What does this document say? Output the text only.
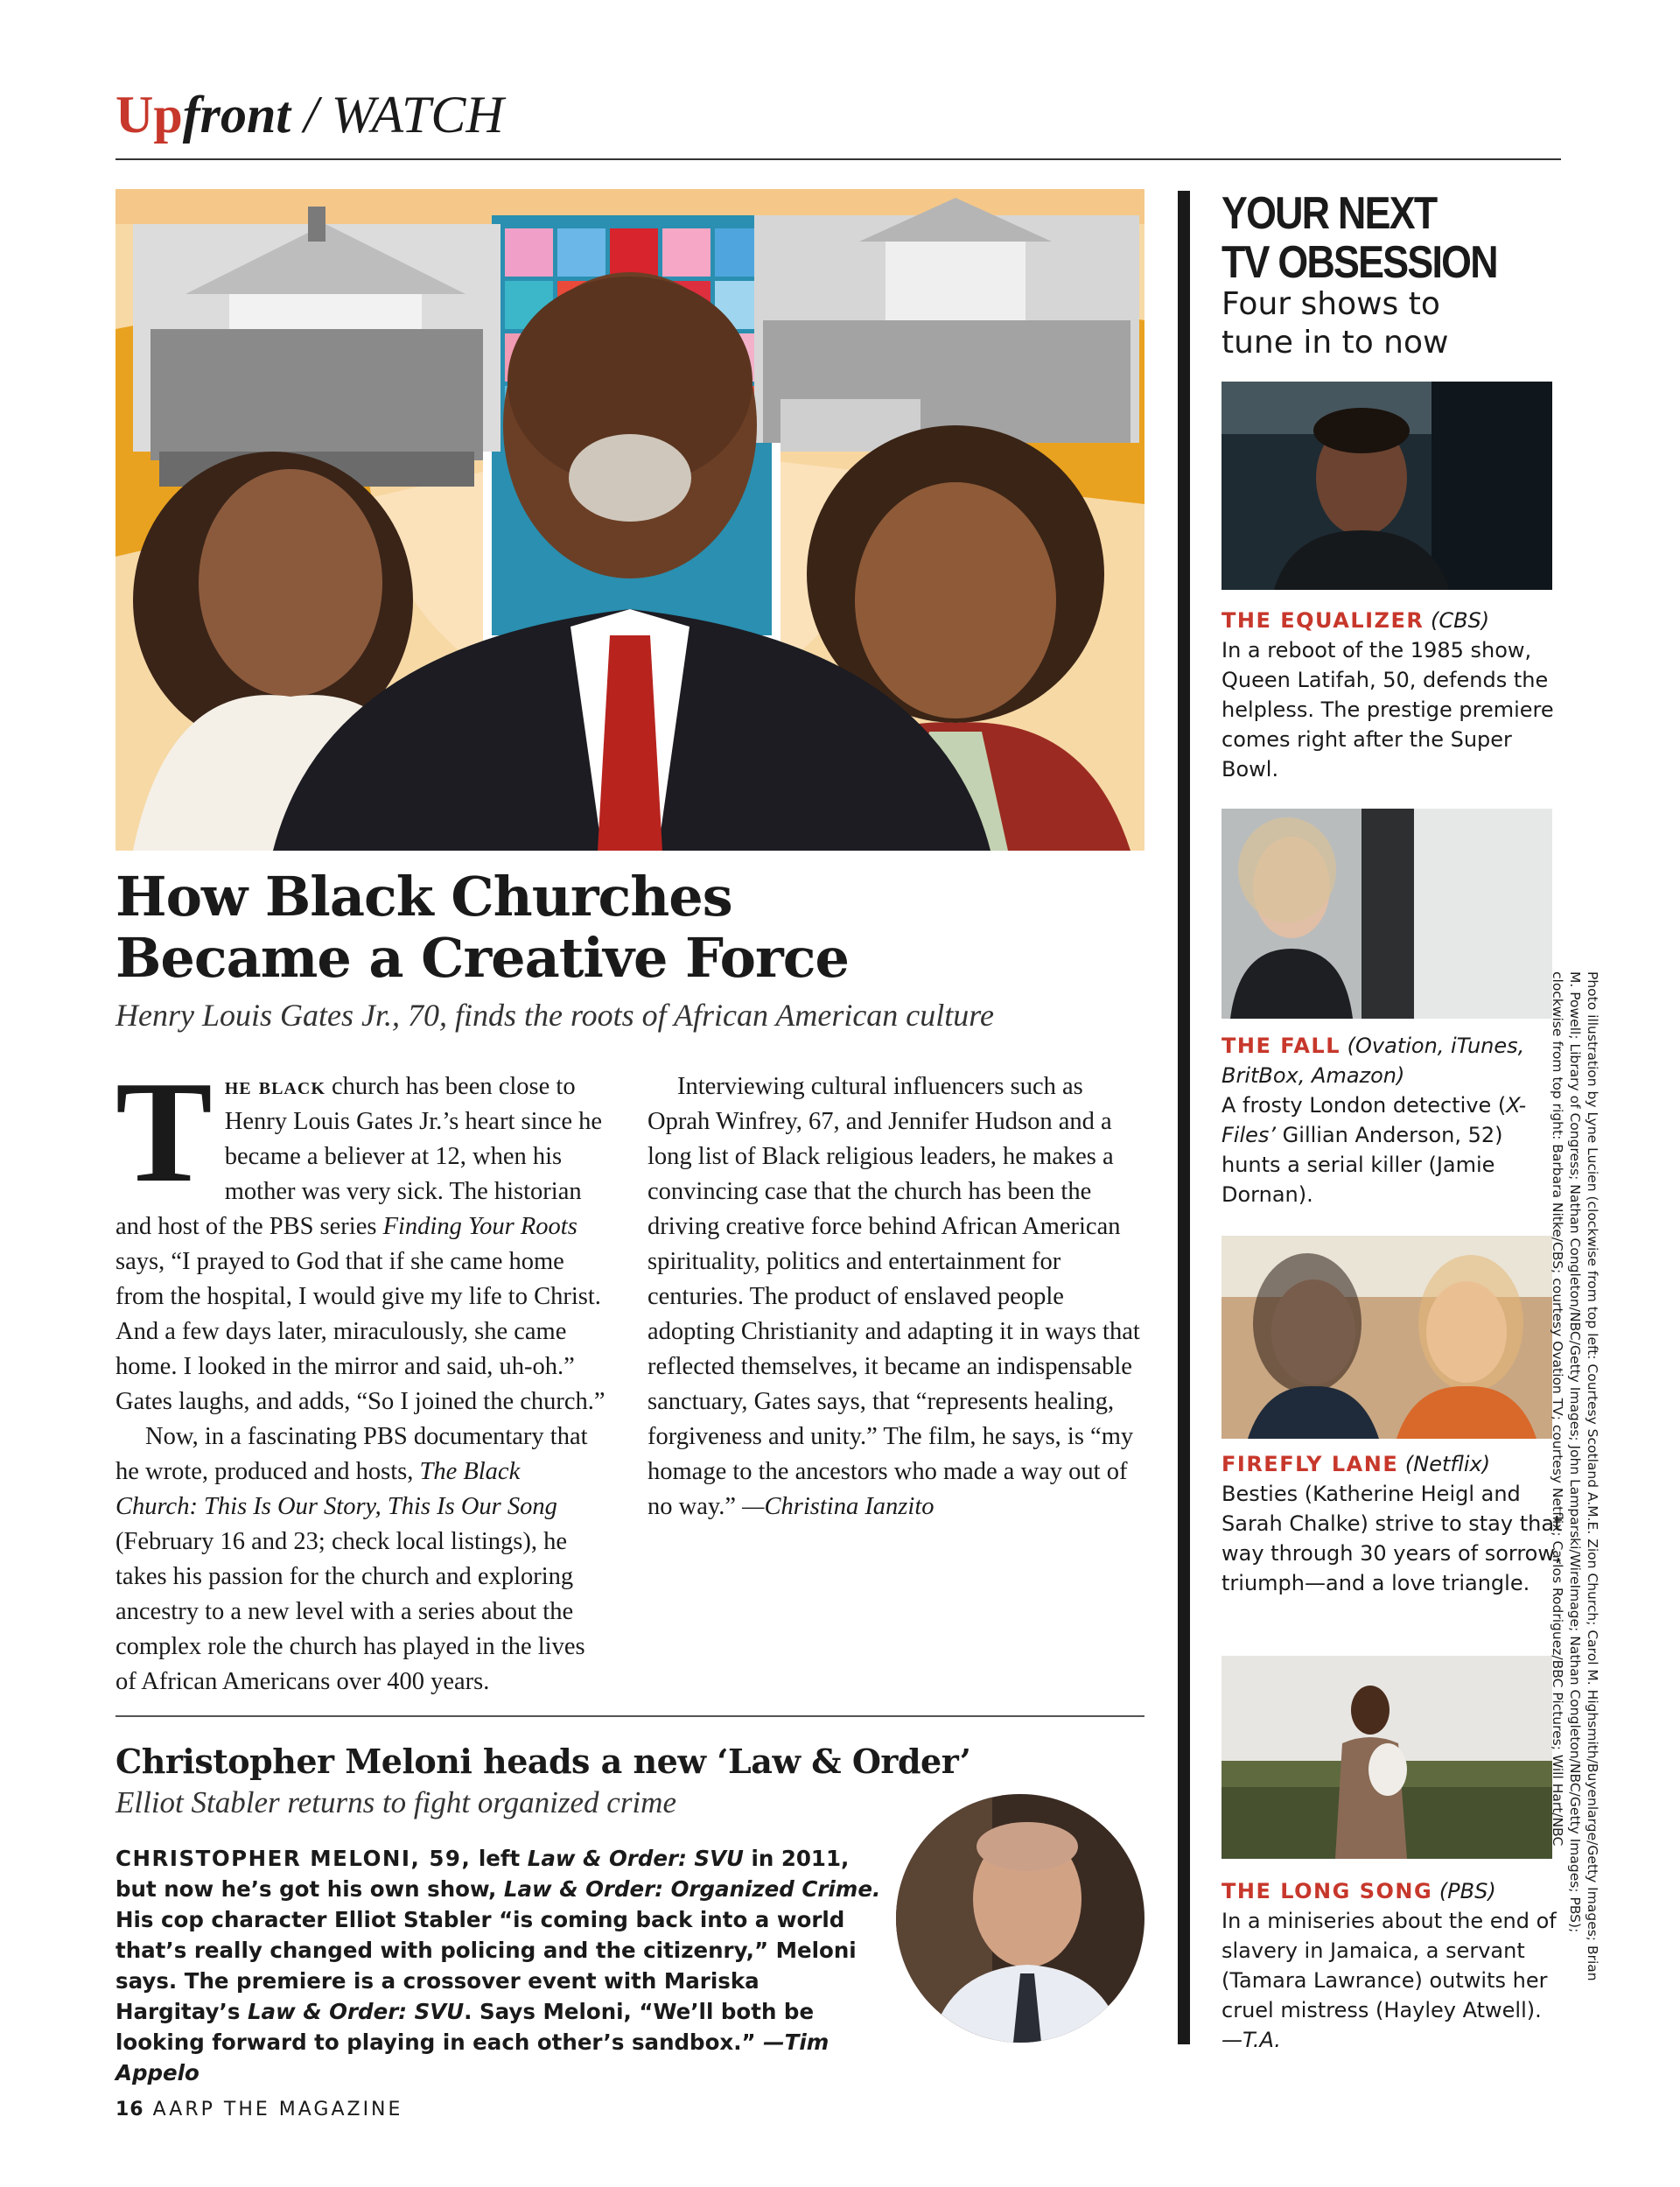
Upfront / WATCH
How Black Churches
Became a Creative Force
Henry Louis Gates Jr., 70, finds the roots of African American culture

The black church has been close to Henry Louis Gates Jr.’s heart since he became a believer at 12, when his mother was very sick. The historian and host of the PBS series Finding Your Roots says, “I prayed to God that if she came home from the hospital, I would give my life to Christ. And a few days later, miraculously, she came home. I looked in the mirror and said, uh-oh.” Gates laughs, and adds, “So I joined the church.”

Now, in a fascinating PBS documentary that he wrote, produced and hosts, The Black Church: This Is Our Story, This Is Our Song (February 16 and 23; check local listings), he takes his passion for the church and exploring ancestry to a new level with a series about the complex role the church has played in the lives of African Americans over 400 years.

Interviewing cultural influencers such as Oprah Winfrey, 67, and Jennifer Hudson and a long list of Black religious leaders, he makes a convincing case that the church has been the driving creative force behind African American spirituality, politics and entertainment for centuries. The product of enslaved people adopting Christianity and adapting it in ways that reflected themselves, it became an indispensable sanctuary, Gates says, that “represents healing, forgiveness and unity.” The film, he says, is “my homage to the ancestors who made a way out of no way.” —Christina Ianzito

Christopher Meloni heads a new ‘Law & Order’
Elliot Stabler returns to fight organized crime
CHRISTOPHER MELONI, 59, left Law & Order: SVU in 2011, but now he’s got his own show, Law & Order: Organized Crime. His cop character Elliot Stabler “is coming back into a world that’s really changed with policing and the citizenry,” Meloni says. The premiere is a crossover event with Mariska Hargitay’s Law & Order: SVU. Says Meloni, “We’ll both be looking forward to playing in each other’s sandbox.” —Tim Appelo
16 AARP THE MAGAZINE
YOUR NEXT
TV OBSESSION
Four shows to
tune in to now
THE EQUALIZER (CBS)
In a reboot of the 1985 show, Queen Latifah, 50, defends the helpless. The prestige premiere comes right after the Super Bowl.
THE FALL (Ovation, iTunes, BritBox, Amazon)
A frosty London detective (X-Files’ Gillian Anderson, 52) hunts a serial killer (Jamie Dornan).
FIREFLY LANE (Netflix)
Besties (Katherine Heigl and Sarah Chalke) strive to stay that way through 30 years of sorrow, triumph—and a love triangle.
THE LONG SONG (PBS)
In a miniseries about the end of slavery in Jamaica, a servant (Tamara Lawrance) outwits her cruel mistress (Hayley Atwell). —T.A.
Photo illustration by Lyne Lucien (clockwise from top left: Courtesy Scotland A.M.E. Zion Church; Carol M. Highsmith/Buyenlarge/Getty Images; Brian M. Powell; Library of Congress; Nathan Congleton/NBC/Getty Images; John Lamparski/WireImage; Nathan Congleton/NBC/Getty Images; PBS); clockwise from top right: Barbara Nitke/CBS; courtesy Ovation TV; courtesy Netflix; Carlos Rodriguez/BBC Pictures; Will Hart/NBC
